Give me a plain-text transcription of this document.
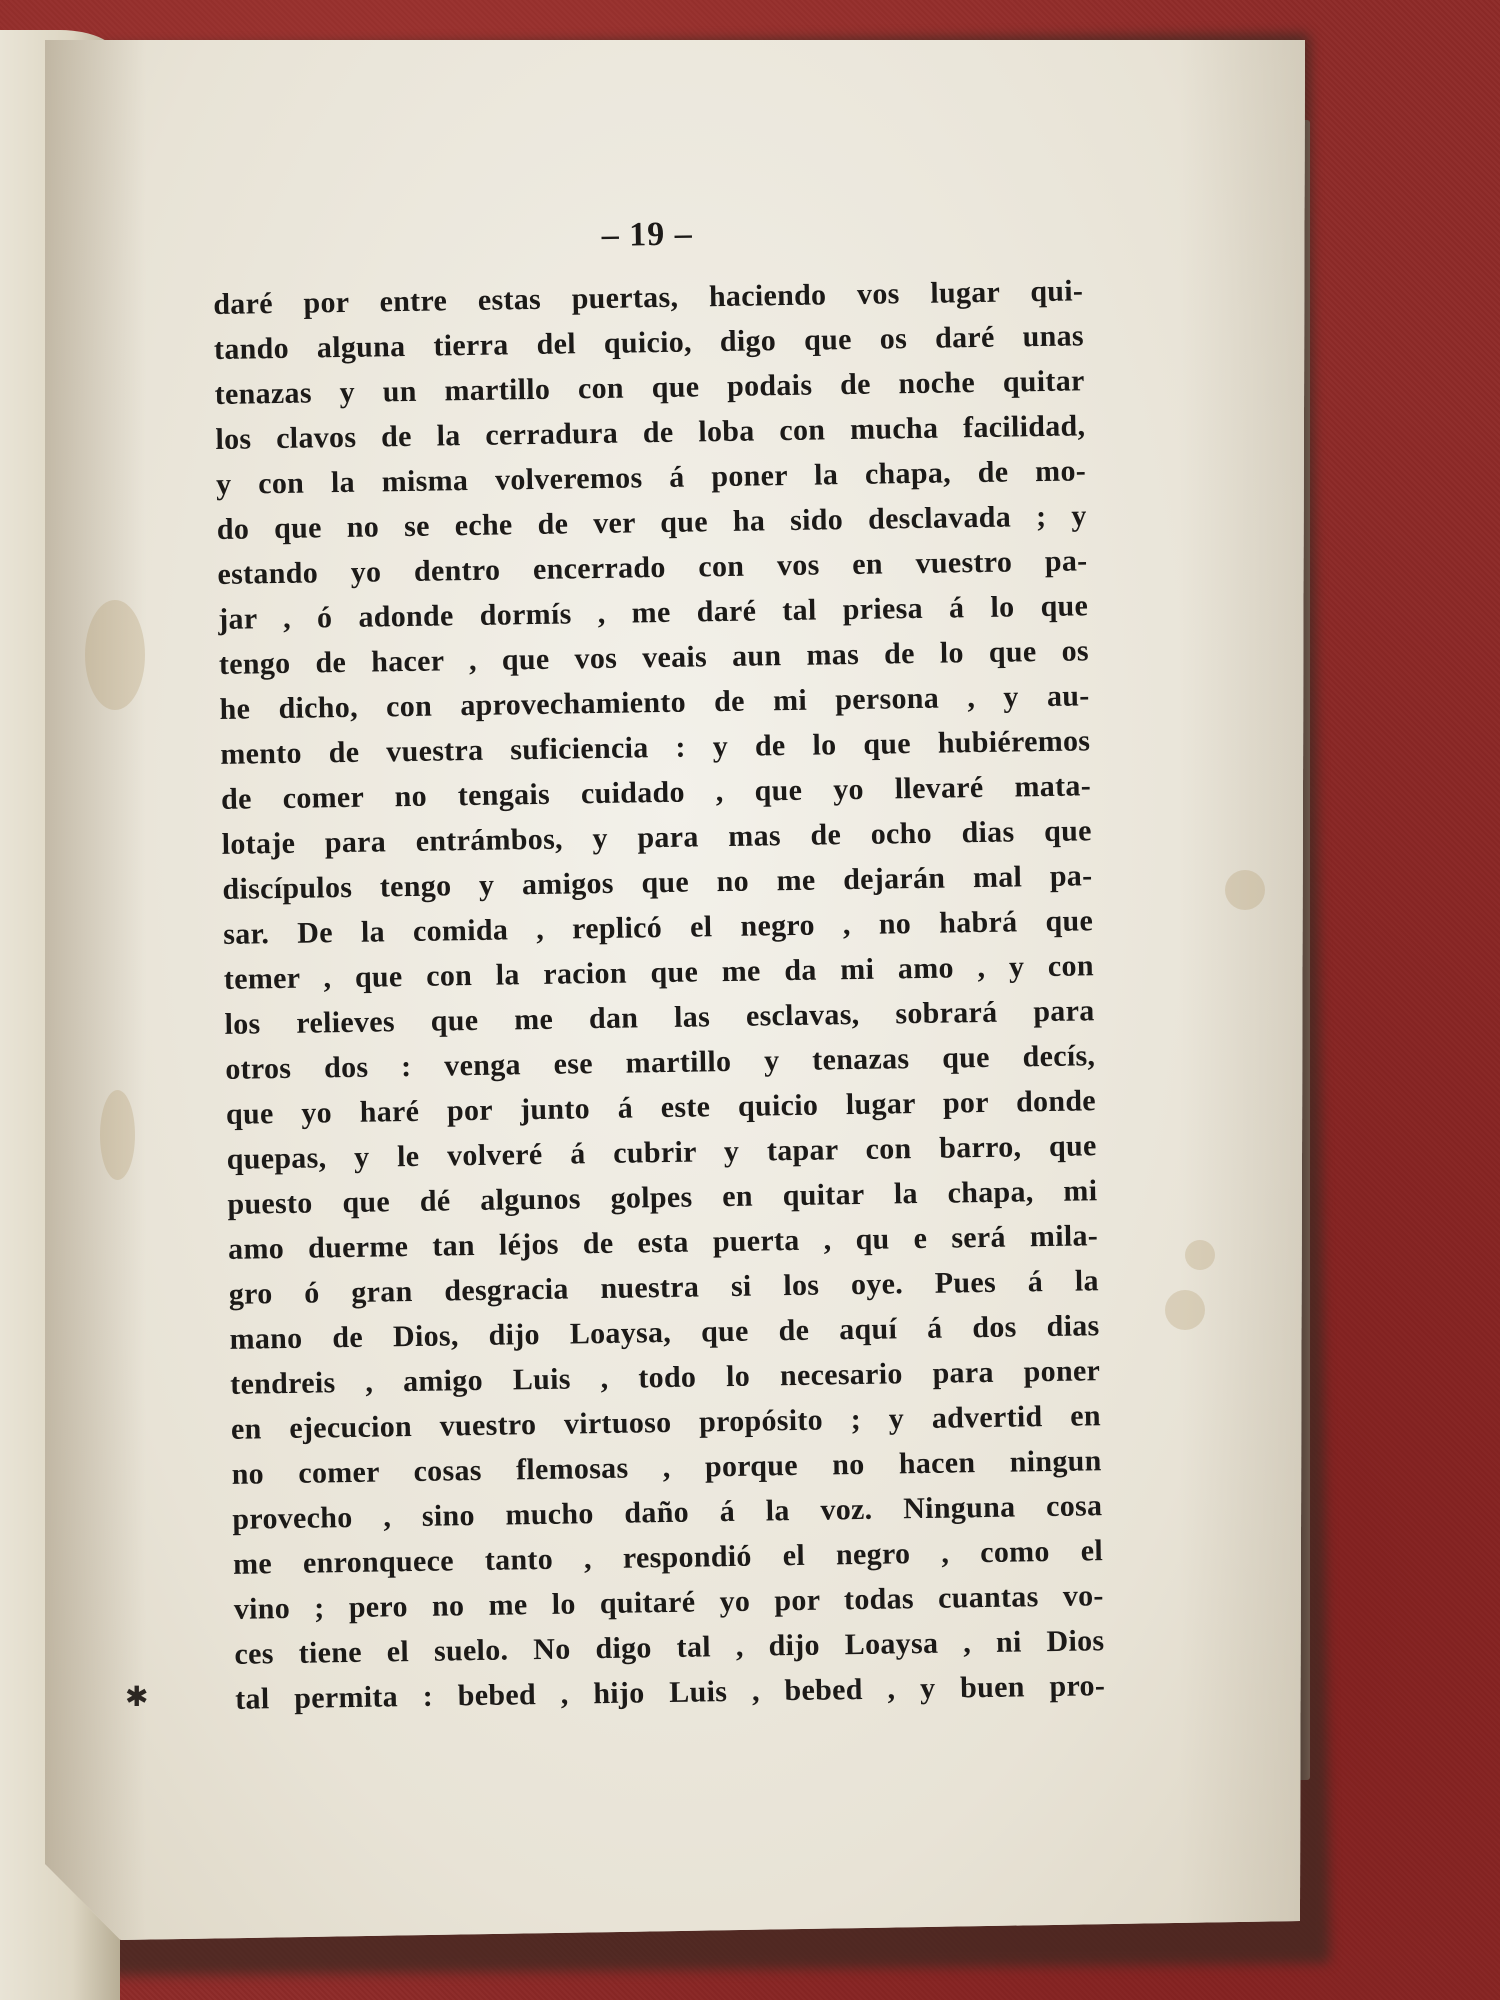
✱
– 19 –
daré por entre estas puertas, haciendo vos lugar qui-
tando alguna tierra del quicio, digo que os daré unas
tenazas y un martillo con que podais de noche quitar
los clavos de la cerradura de loba con mucha facilidad,
y con la misma volveremos á poner la chapa, de mo-
do que no se eche de ver que ha sido desclavada ; y
estando yo dentro encerrado con vos en vuestro pa-
jar , ó adonde dormís , me daré tal priesa á lo que
tengo de hacer , que vos veais aun mas de lo que os
he dicho, con aprovechamiento de mi persona , y au-
mento de vuestra suficiencia : y de lo que hubiéremos
de comer no tengais cuidado , que yo llevaré mata-
lotaje para entrámbos, y para mas de ocho dias que
discípulos tengo y amigos que no me dejarán mal pa-
sar. De la comida , replicó el negro , no habrá que
temer , que con la racion que me da mi amo , y con
los relieves que me dan las esclavas, sobrará para
otros dos : venga ese martillo y tenazas que decís,
que yo haré por junto á este quicio lugar por donde
quepas, y le volveré á cubrir y tapar con barro, que
puesto que dé algunos golpes en quitar la chapa, mi
amo duerme tan léjos de esta puerta , qu e será mila-
gro ó gran desgracia nuestra si los oye. Pues á la
mano de Dios, dijo Loaysa, que de aquí á dos dias
tendreis , amigo Luis , todo lo necesario para poner
en ejecucion vuestro virtuoso propósito ; y advertid en
no comer cosas flemosas , porque no hacen ningun
provecho , sino mucho daño á la voz. Ninguna cosa
me enronquece tanto , respondió el negro , como el
vino ; pero no me lo quitaré yo por todas cuantas vo-
ces tiene el suelo. No digo tal , dijo Loaysa , ni Dios
tal permita : bebed , hijo Luis , bebed , y buen pro-
